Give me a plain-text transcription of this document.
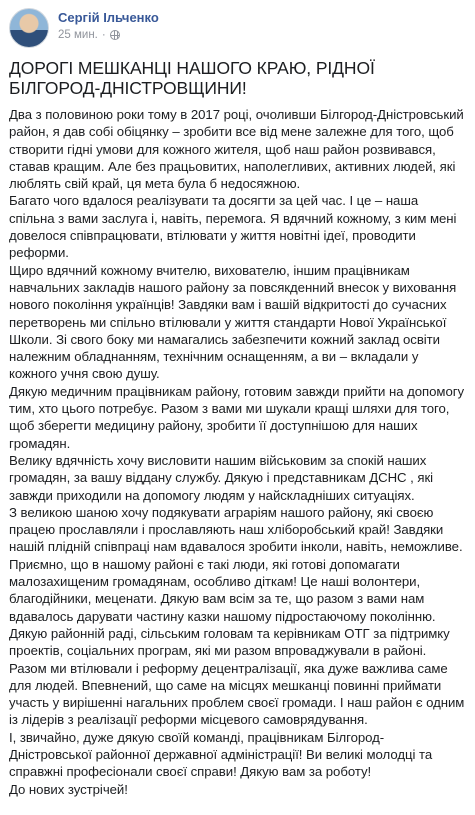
Сергій Ільченко
25 мин. ·
ДОРОГІ МЕШКАНЦІ НАШОГО КРАЮ, РІДНОЇ БІЛГОРОД-ДНІСТРОВЩИНИ!

Два з половиною роки тому в 2017 році, очоливши Білгород-Дністровський район, я дав собі обіцянку – зробити все від мене залежне для того, щоб створити гідні умови для кожного жителя, щоб наш район розвивався, ставав кращим. Але без працьовитих, наполегливих, активних людей, які люблять свій край, ця мета була б недосяжною.

Багато чого вдалося реалізувати та досягти за цей час. І це – наша спільна з вами заслуга і, навіть, перемога. Я вдячний кожному, з ким мені довелося співпрацювати, втілювати у життя новітні ідеї, проводити реформи.

Щиро вдячний кожному вчителю, вихователю, іншим працівникам навчальних закладів нашого району за повсякденний внесок у виховання нового покоління українців! Завдяки вам і вашій відкритості до сучасних перетворень ми спільно втілювали у життя стандарти Нової Української Школи. Зі свого боку ми намагались забезпечити кожний заклад освіти належним обладнанням, технічним оснащенням, а ви – вкладали у кожного учня свою душу.

Дякую медичним працівникам району, готовим завжди прийти на допомогу тим, хто цього потребує. Разом з вами ми шукали кращі шляхи для того, щоб зберегти медицину району, зробити її доступнішою для наших громадян.

Велику вдячність хочу висловити нашим військовим за спокій наших громадян, за вашу віддану службу. Дякую і представникам ДСНС , які завжди приходили на допомогу людям у найскладніших ситуаціях.

З великою шаною хочу подякувати аграріям нашого району, які своєю працею прославляли і прославляють наш хліборобський край! Завдяки нашій плідній співпраці нам вдавалося зробити інколи, навіть, неможливе.

Приємно, що в нашому районі є такі люди, які готові допомагати малозахищеним громадянам, особливо діткам! Це наші волонтери, благодійники, меценати. Дякую вам всім за те, що разом з вами нам вдавалось дарувати частину казки нашому підростаючому поколінню.

Дякую районній раді, сільським головам та керівникам ОТГ за підтримку проектів, соціальних програм, які ми разом впроваджували в районі.

Разом ми втілювали і реформу децентралізації, яка дуже важлива саме для людей. Впевнений, що саме на місцях мешканці повинні приймати участь у вирішенні нагальних проблем своєї громади. І наш район є одним із лідерів з реалізації реформи місцевого самоврядування.

І, звичайно, дуже дякую своїй команді, працівникам Білгород-Дністровської районної державної адміністрації! Ви великі молодці та справжні професіонали своєї справи! Дякую вам за роботу!

До нових зустрічей!
